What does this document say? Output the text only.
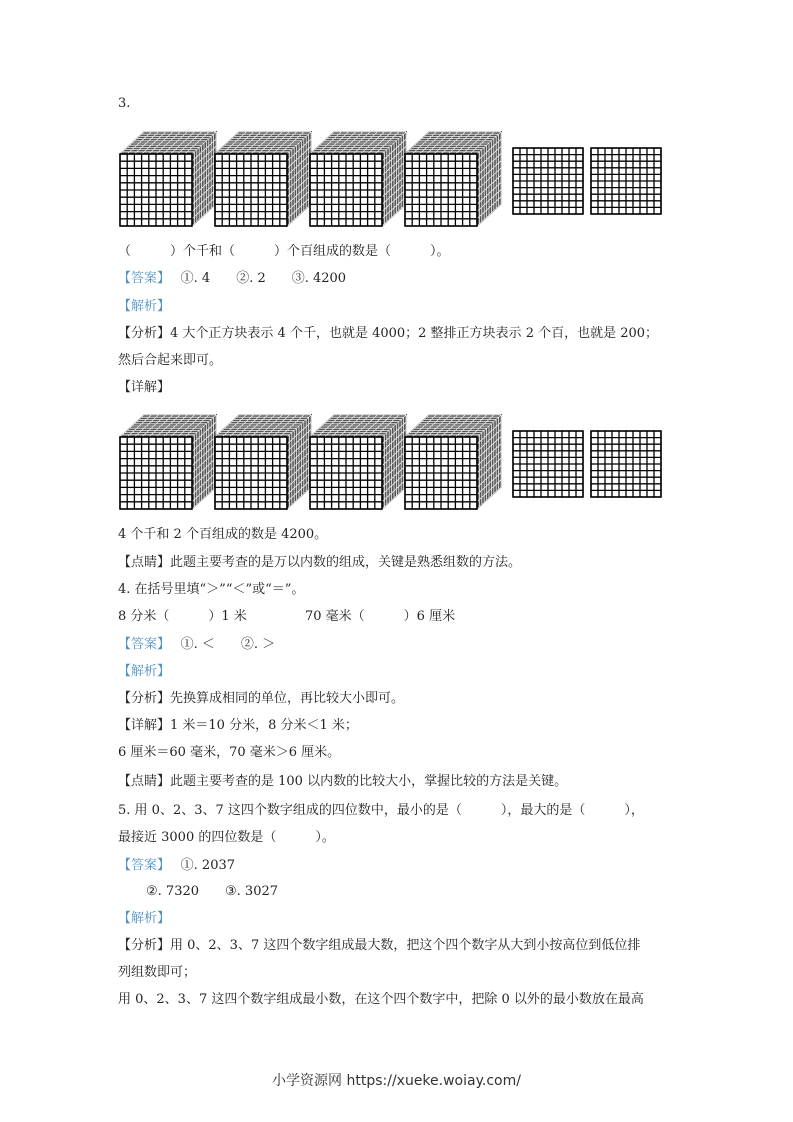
3.
（　　　）个千和（　　　）个百组成的数是（　　　）。
【答案】　 ①. 4　　②. 2　　③. 4200
【解析】
【分析】4 大个正方块表示 4 个千，也就是 4000；2 整排正方块表示 2 个百，也就是 200；
然后合起来即可。
【详解】
4 个千和 2 个百组成的数是 4200。
【点睛】此题主要考查的是万以内数的组成，关键是熟悉组数的方法。
4. 在括号里填“＞”“＜”或“＝”。
8 分米（　　　）1 米	70 毫米（　　　）6 厘米
【答案】　 ①. ＜　　②. ＞
【解析】
【分析】先换算成相同的单位，再比较大小即可。
【详解】1 米＝10 分米，8 分米＜1 米；
6 厘米＝60 毫米，70 毫米＞6 厘米。
【点睛】此题主要考查的是 100 以内数的比较大小，掌握比较的方法是关键。
5. 用 0、2、3、7 这四个数字组成的四位数中，最小的是（　　　），最大的是（　　　），
最接近 3000 的四位数是（　　　）。
【答案】　 ①. 2037
②. 7320　　③. 3027
【解析】
【分析】用 0、2、3、7 这四个数字组成最大数，把这个四个数字从大到小按高位到低位排
列组数即可；
用 0、2、3、7 这四个数字组成最小数，在这个四个数字中，把除 0 以外的最小数放在最高
小学资源网 https://xueke.woiay.com/
